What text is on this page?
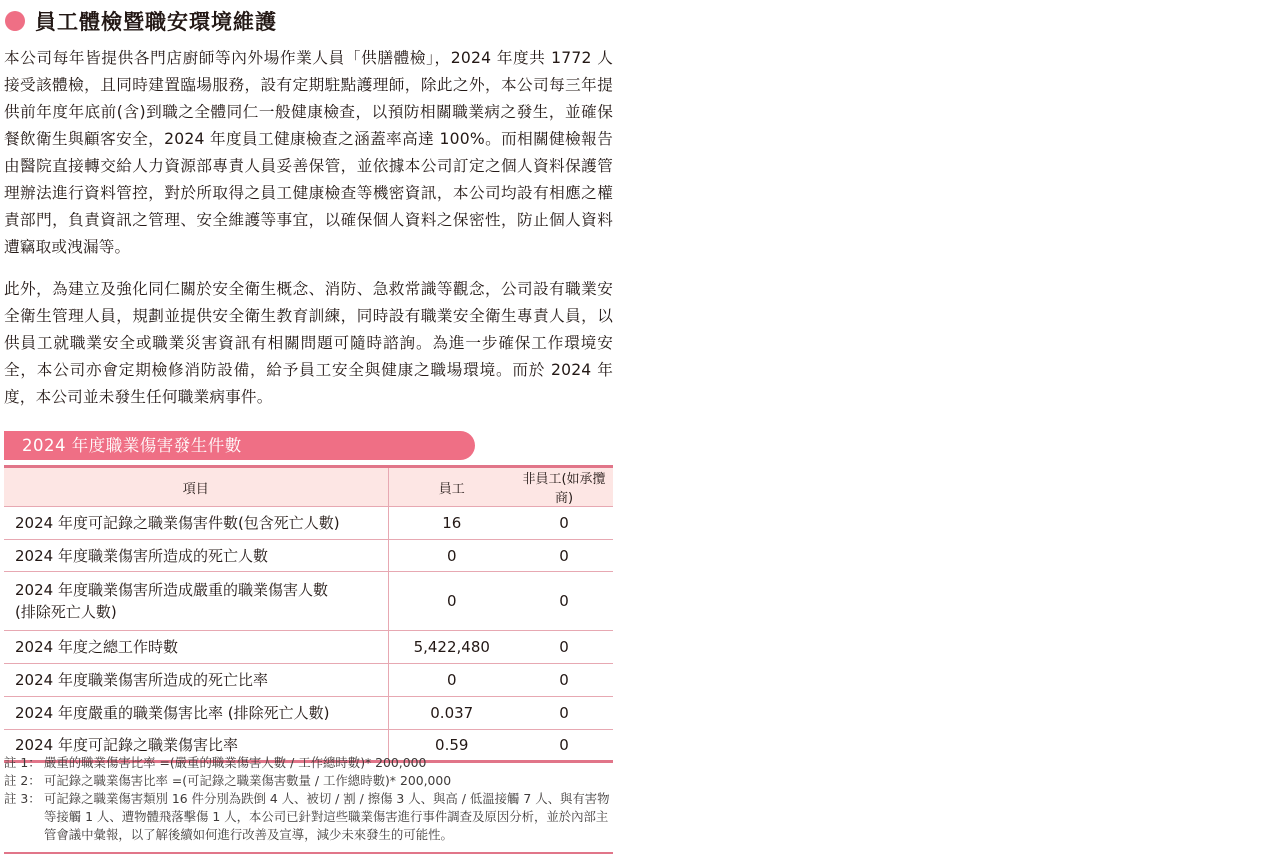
員工體檢暨職安環境維護

本公司每年皆提供各門店廚師等內外場作業人員「供膳體檢」，2024 年度共 1772 人接受該體檢，且同時建置臨場服務，設有定期駐點護理師，除此之外，本公司每三年提供前年度年底前(含)到職之全體同仁一般健康檢查，以預防相關職業病之發生，並確保餐飲衛生與顧客安全，2024 年度員工健康檢查之涵蓋率高達 100%。而相關健檢報告由醫院直接轉交給人力資源部專責人員妥善保管，並依據本公司訂定之個人資料保護管理辦法進行資料管控，對於所取得之員工健康檢查等機密資訊，本公司均設有相應之權責部門，負責資訊之管理、安全維護等事宜，以確保個人資料之保密性，防止個人資料遭竊取或洩漏等。

此外，為建立及強化同仁關於安全衛生概念、消防、急救常識等觀念，公司設有職業安全衛生管理人員，規劃並提供安全衛生教育訓練，同時設有職業安全衛生專責人員，以供員工就職業安全或職業災害資訊有相關問題可隨時諮詢。為進一步確保工作環境安全，本公司亦會定期檢修消防設備，給予員工安全與健康之職場環境。而於 2024 年度，本公司並未發生任何職業病事件。

2024 年度職業傷害發生件數
項目	員工	非員工(如承攬商)
2024 年度可記錄之職業傷害件數(包含死亡人數)	16	0
2024 年度職業傷害所造成的死亡人數	0	0

2024 年度職業傷害所造成嚴重的職業傷害人數
(排除死亡人數)	0	0
2024 年度之總工作時數	5,422,480	0
2024 年度職業傷害所造成的死亡比率	0	0
2024 年度嚴重的職業傷害比率 (排除死亡人數)	0.037	0
2024 年度可記錄之職業傷害比率	0.59	0
註 1： 嚴重的職業傷害比率 =(嚴重的職業傷害人數 / 工作總時數)* 200,000
註 2： 可記錄之職業傷害比率 =(可記錄之職業傷害數量 / 工作總時數)* 200,000
註 3： 可記錄之職業傷害類別 16 件分別為跌倒 4 人、被切 / 割 / 擦傷 3 人、與高 / 低溫接觸 7 人、與有害物等接觸 1 人、遭物體飛落擊傷 1 人，本公司已針對這些職業傷害進行事件調查及原因分析，並於內部主管會議中彙報，以了解後續如何進行改善及宣導，減少未來發生的可能性。
